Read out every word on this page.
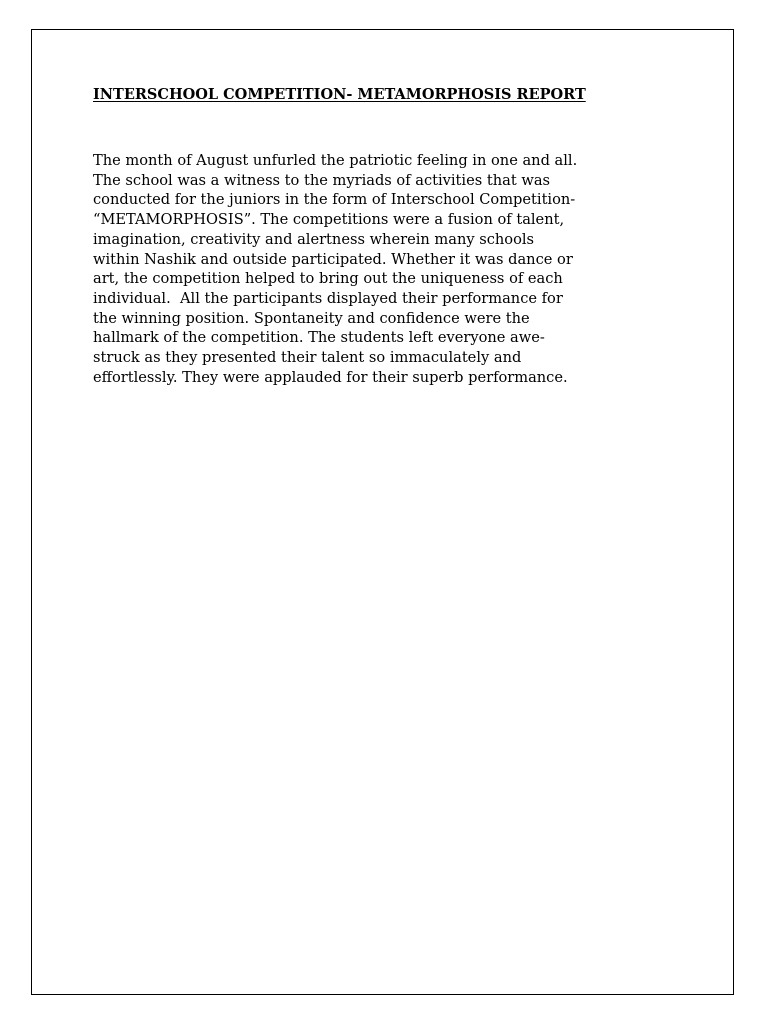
INTERSCHOOL COMPETITION- METAMORPHOSIS REPORT

The month of August unfurled the patriotic feeling in one and all.
The school was a witness to the myriads of activities that was
conducted for the juniors in the form of Interschool Competition-
“METAMORPHOSIS”. The competitions were a fusion of talent,
imagination, creativity and alertness wherein many schools
within Nashik and outside participated. Whether it was dance or
art, the competition helped to bring out the uniqueness of each
individual.  All the participants displayed their performance for
the winning position. Spontaneity and confidence were the
hallmark of the competition. The students left everyone awe-
struck as they presented their talent so immaculately and
effortlessly. They were applauded for their superb performance.
